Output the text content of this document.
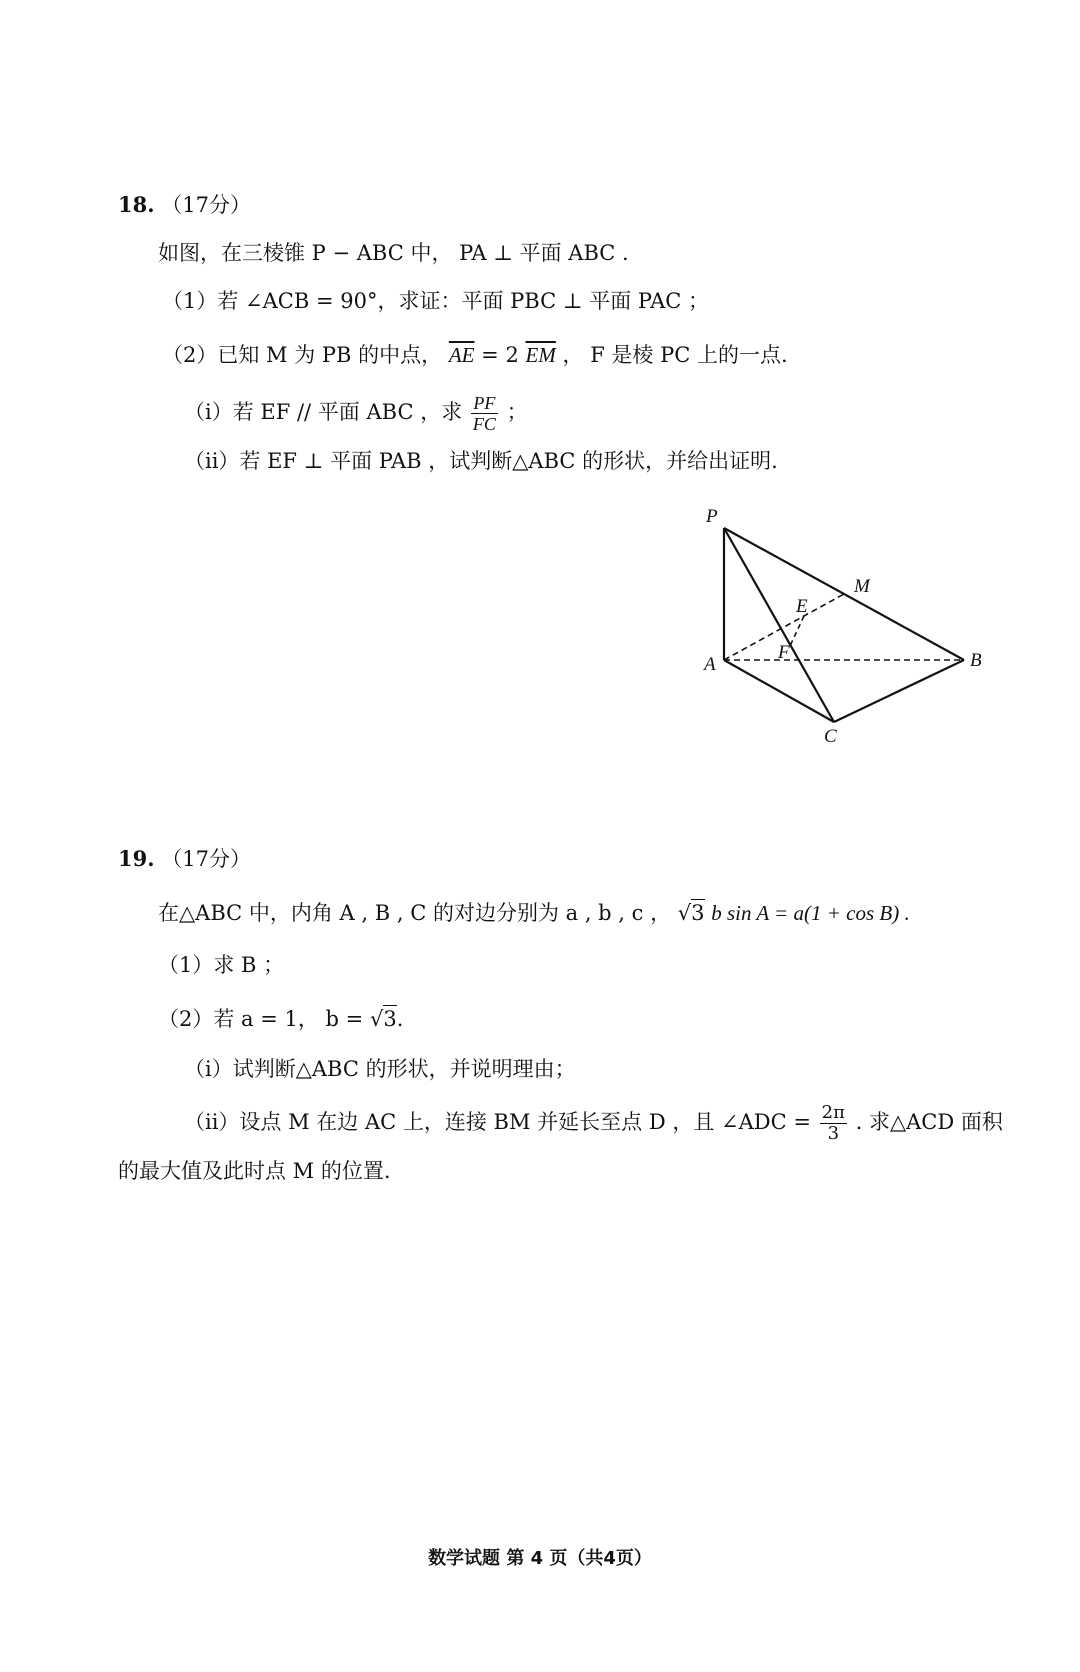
18. （17分）
如图，在三棱锥 P − ABC 中， PA ⊥ 平面 ABC .
（1）若 ∠ACB = 90°，求证：平面 PBC ⊥ 平面 PAC ；
（2）已知 M 为 PB 的中点， $\overline{AE} = 2$ $\overline{EM}$ ， F 是棱 PC 上的一点.
（i）若 EF // 平面 ABC ，求 $\frac{PF}{FC}$ ；
（ii）若 EF ⊥ 平面 PAB ，试判断△ABC 的形状，并给出证明.
P
M
E
F
A	B
C
19. （17分）
在△ABC 中，内角 A , B , C 的对边分别为 a , b , c ， √3 b sin A = a(1 + cos B) .
（1）求 B ；
（2）若 a = 1， b = √3.
（i）试判断△ABC 的形状，并说明理由；
（ii）设点 M 在边 AC 上，连接 BM 并延长至点 D ，且 ∠ADC = $\frac{2\pi}{3}$ . 求△ACD 面积
的最大值及此时点 M 的位置.
数学试题 第 4 页（共4页）
